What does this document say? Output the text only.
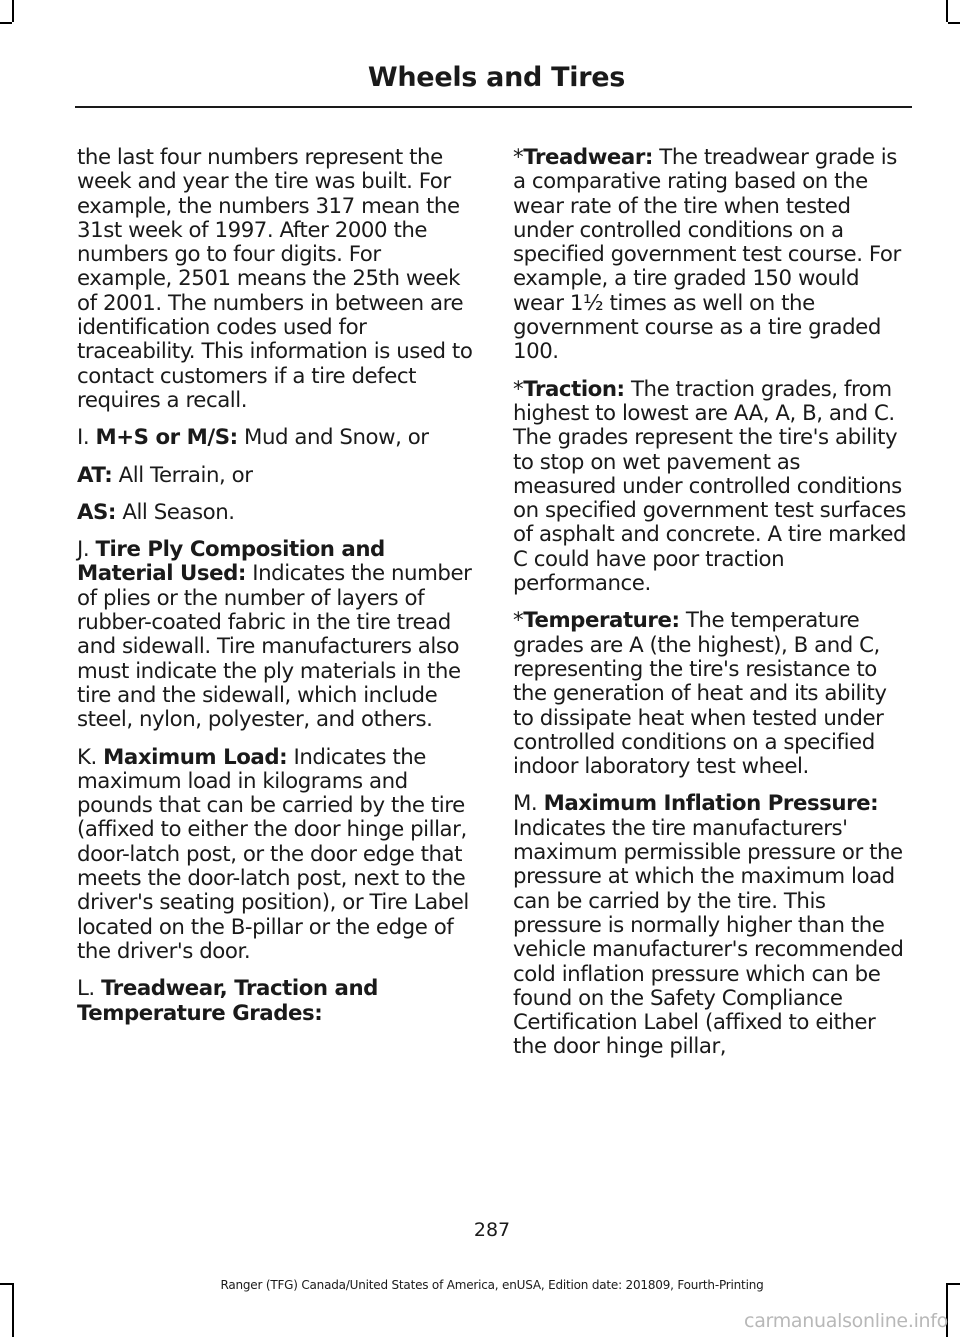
Wheels and Tires

the last four numbers represent the week and year the tire was built. For example, the numbers 317 mean the 31st week of 1997. After 2000 the numbers go to four digits. For example, 2501 means the 25th week of 2001. The numbers in between are identification codes used for traceability. This information is used to contact customers if a tire defect requires a recall.

I. M+S or M/S: Mud and Snow, or

AT: All Terrain, or

AS: All Season.

J. Tire Ply Composition and Material Used: Indicates the number of plies or the number of layers of rubber-coated fabric in the tire tread and sidewall. Tire manufacturers also must indicate the ply materials in the tire and the sidewall, which include steel, nylon, polyester, and others.

K. Maximum Load: Indicates the maximum load in kilograms and pounds that can be carried by the tire (affixed to either the door hinge pillar, door-latch post, or the door edge that meets the door-latch post, next to the driver's seating position), or Tire Label located on the B-pillar or the edge of the driver's door.

L. Treadwear, Traction and Temperature Grades:

*Treadwear: The treadwear grade is a comparative rating based on the wear rate of the tire when tested under controlled conditions on a specified government test course. For example, a tire graded 150 would wear 1½ times as well on the government course as a tire graded 100.

*Traction: The traction grades, from highest to lowest are AA, A, B, and C. The grades represent the tire's ability to stop on wet pavement as measured under controlled conditions on specified government test surfaces of asphalt and concrete. A tire marked C could have poor traction performance.

*Temperature: The temperature grades are A (the highest), B and C, representing the tire's resistance to the generation of heat and its ability to dissipate heat when tested under controlled conditions on a specified indoor laboratory test wheel.

M. Maximum Inflation Pressure: Indicates the tire manufacturers' maximum permissible pressure or the pressure at which the maximum load can be carried by the tire. This pressure is normally higher than the vehicle manufacturer's recommended cold inflation pressure which can be found on the Safety Compliance Certification Label (affixed to either the door hinge pillar,

287
Ranger (TFG) Canada/United States of America, enUSA, Edition date: 201809, Fourth-Printing
carmanualsonline.info
